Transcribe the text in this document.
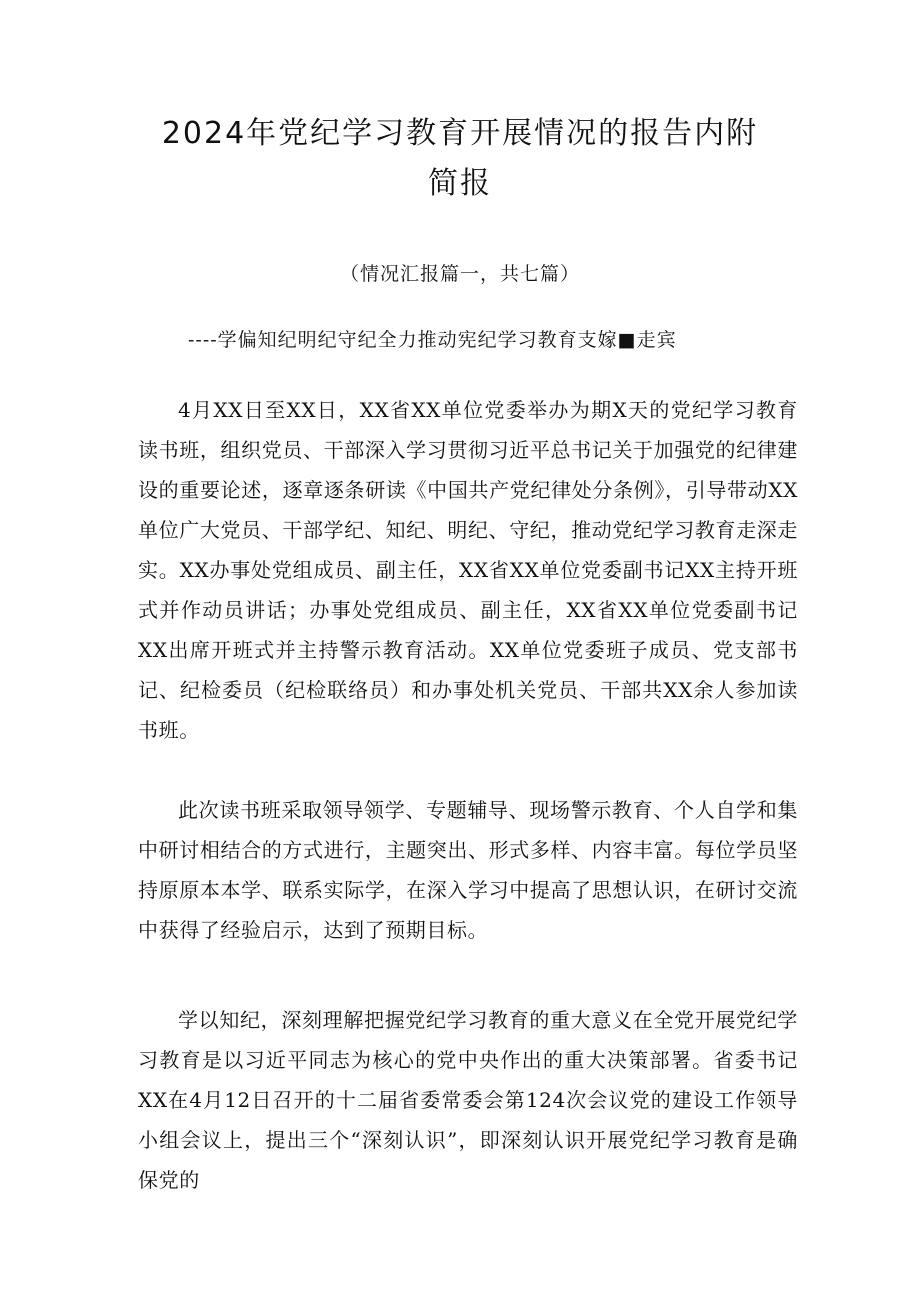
2024年党纪学习教育开展情况的报告内附
简报
（情况汇报篇一，共七篇）
----学偏知纪明纪守纪全力推动宪纪学习教育支嫁■走宾
4月XX日至XX日，XX省XX单位党委举办为期X天的党纪学习教育读书班，组织党员、干部深入学习贯彻习近平总书记关于加强党的纪律建设的重要论述，逐章逐条研读《中国共产党纪律处分条例》，引导带动XX单位广大党员、干部学纪、知纪、明纪、守纪，推动党纪学习教育走深走实。XX办事处党组成员、副主任，XX省XX单位党委副书记XX主持开班式并作动员讲话；办事处党组成员、副主任，XX省XX单位党委副书记XX出席开班式并主持警示教育活动。XX单位党委班子成员、党支部书记、纪检委员（纪检联络员）和办事处机关党员、干部共XX余人参加读书班。
此次读书班采取领导领学、专题辅导、现场警示教育、个人自学和集中研讨相结合的方式进行，主题突出、形式多样、内容丰富。每位学员坚持原原本本学、联系实际学，在深入学习中提高了思想认识，在研讨交流中获得了经验启示，达到了预期目标。
学以知纪，深刻理解把握党纪学习教育的重大意义在全党开展党纪学习教育是以习近平同志为核心的党中央作出的重大决策部署。省委书记XX在4月12日召开的十二届省委常委会第124次会议党的建设工作领导小组会议上，提出三个“深刻认识”，即深刻认识开展党纪学习教育是确保党的
